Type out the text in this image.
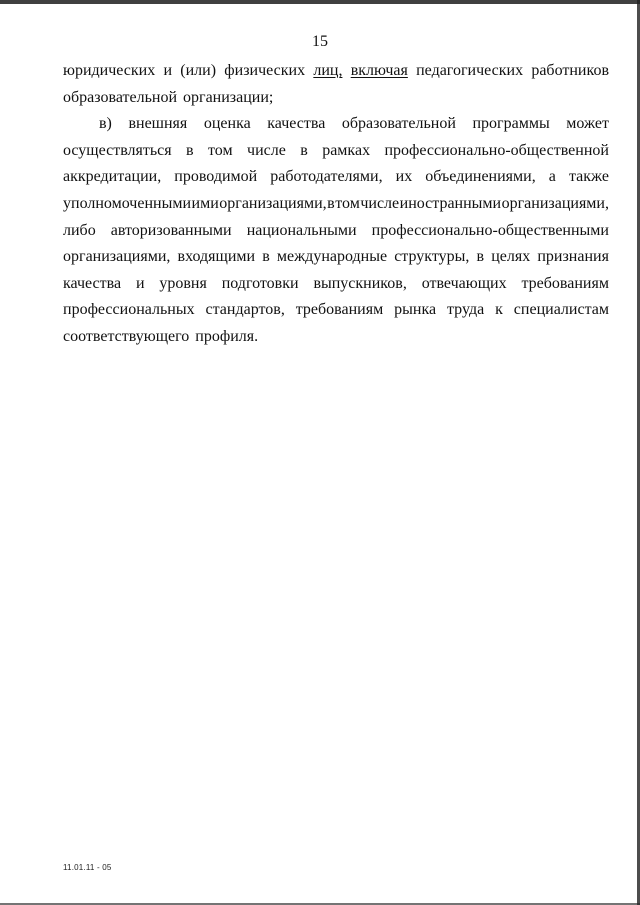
15
юридических и (или) физических лиц, включая педагогических работников
образовательной организации;
в) внешняя оценка качества образовательной программы может
осуществляться в том числе в рамках профессионально-общественной
аккредитации, проводимой работодателями, их объединениями, а также
уполномоченными ими организациями, в том числе иностранными организациями,
либо авторизованными национальными профессионально-общественными
организациями, входящими в международные структуры, в целях признания
качества и уровня подготовки выпускников, отвечающих требованиям
профессиональных стандартов, требованиям рынка труда к специалистам
соответствующего профиля.
11.01.11 - 05
